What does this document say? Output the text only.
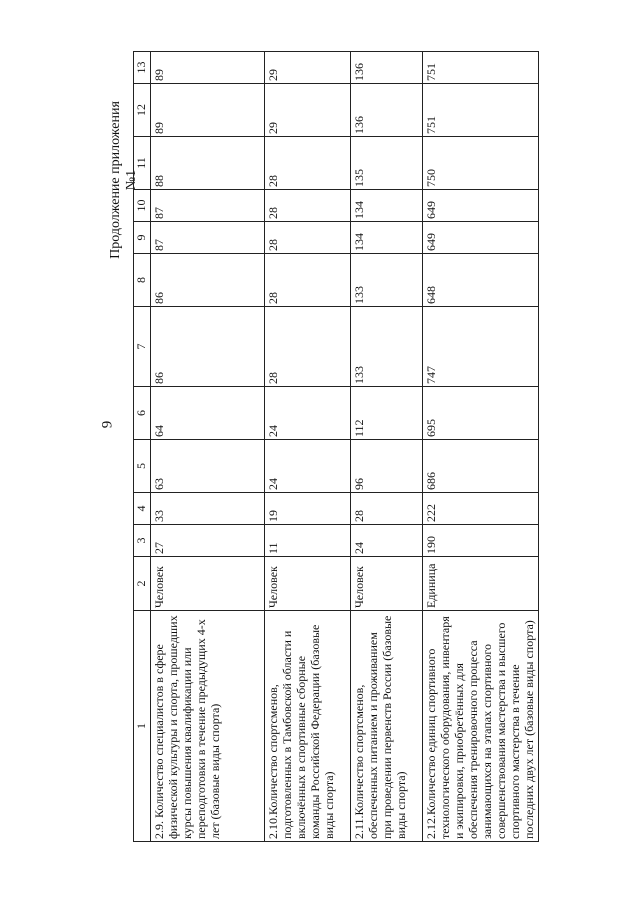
9
Продолжение приложения №1
1	2	3	4	5	6	7	8	9	10	11	12	13
2.9. Количество специалистов в сфере физической культуры и спорта, прошедших курсы повышения квалификации или переподготовки в течение предыдущих 4-х лет (базовые виды спорта)	Человек	27	33	63	64	86	86	87	87	88	89	89
2.10.Количество спортсменов, подготовленных в Тамбовской области и включённых в спортивные сборные команды Российской Федерации (базовые виды спорта)	Человек	11	19	24	24	28	28	28	28	28	29	29
2.11.Количество спортсменов, обеспеченных питанием и проживанием при проведении первенств России (базовые виды спорта)	Человек	24	28	96	112	133	133	134	134	135	136	136
2.12.Количество единиц спортивного технологического оборудования, инвентаря и экипировки, приобретённых для обеспечения тренировочного процесса занимающихся на этапах спортивного совершенствования мастерства и высшего спортивного мастерства в течение последних двух лет (базовые виды спорта)	Единица	190	222	686	695	747	648	649	649	750	751	751
